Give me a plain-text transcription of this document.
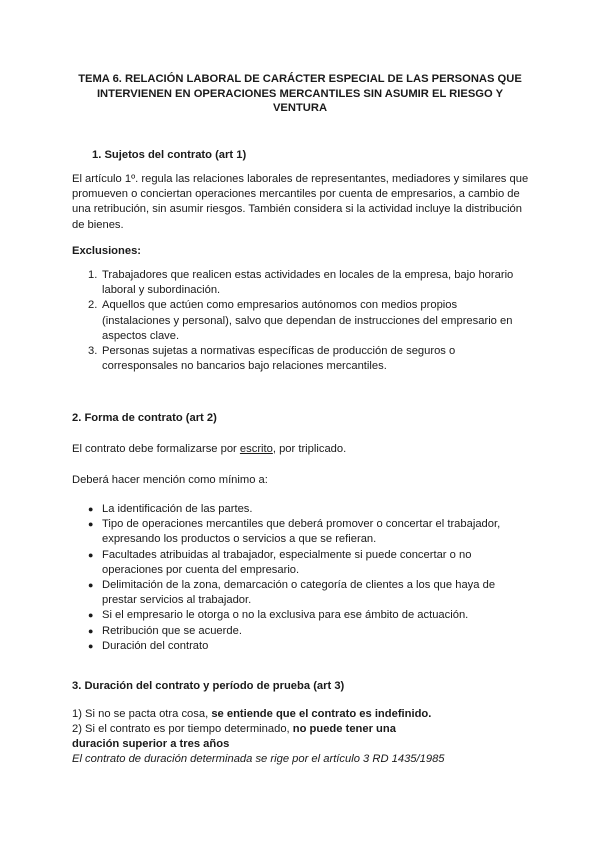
TEMA 6. RELACIÓN LABORAL DE CARÁCTER ESPECIAL DE LAS PERSONAS QUE INTERVIENEN EN OPERACIONES MERCANTILES SIN ASUMIR EL RIESGO Y VENTURA
1. Sujetos del contrato (art 1)
El artículo 1º. regula las relaciones laborales de representantes, mediadores y similares que promueven o conciertan operaciones mercantiles por cuenta de empresarios, a cambio de una retribución, sin asumir riesgos. También considera si la actividad incluye la distribución de bienes.
Exclusiones:
1. Trabajadores que realicen estas actividades en locales de la empresa, bajo horario laboral y subordinación.
2. Aquellos que actúen como empresarios autónomos con medios propios (instalaciones y personal), salvo que dependan de instrucciones del empresario en aspectos clave.
3. Personas sujetas a normativas específicas de producción de seguros o corresponsales no bancarios bajo relaciones mercantiles.
2. Forma de contrato (art 2)
El contrato debe formalizarse por escrito, por triplicado.
Deberá hacer mención como mínimo a:
● La identificación de las partes.
● Tipo de operaciones mercantiles que deberá promover o concertar el trabajador, expresando los productos o servicios a que se refieran.
● Facultades atribuidas al trabajador, especialmente si puede concertar o no operaciones por cuenta del empresario.
● Delimitación de la zona, demarcación o categoría de clientes a los que haya de prestar servicios al trabajador.
● Si el empresario le otorga o no la exclusiva para ese ámbito de actuación.
● Retribución que se acuerde.
● Duración del contrato
3. Duración del contrato y período de prueba (art 3)
1) Si no se pacta otra cosa, se entiende que el contrato es indefinido.
2) Si el contrato es por tiempo determinado, no puede tener una
duración superior a tres años
El contrato de duración determinada se rige por el artículo 3 RD 1435/1985
